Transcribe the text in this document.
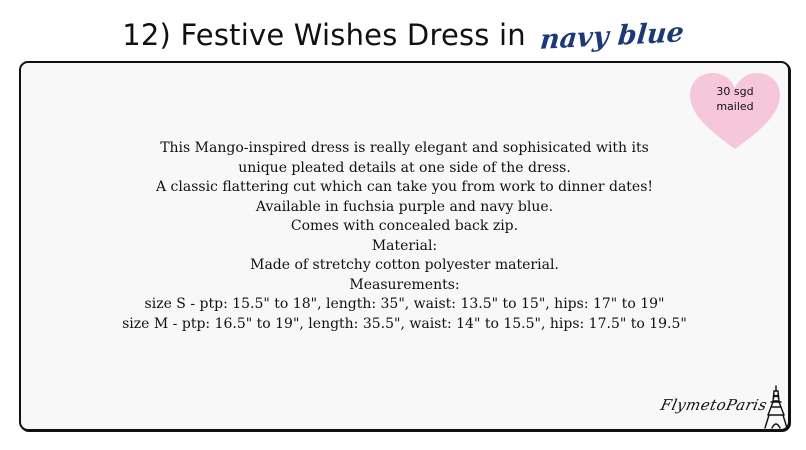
12) Festive Wishes Dress in navy blue
30 sgd
mailed
This Mango-inspired dress is really elegant and sophisicated with its
unique pleated details at one side of the dress.
A classic flattering cut which can take you from work to dinner dates!
Available in fuchsia purple and navy blue.
Comes with concealed back zip.
Material:
Made of stretchy cotton polyester material.
Measurements:
size S - ptp: 15.5" to 18", length: 35", waist: 13.5" to 15", hips: 17" to 19"
size M - ptp: 16.5" to 19", length: 35.5", waist: 14" to 15.5", hips: 17.5" to 19.5"
FlymetoParis
